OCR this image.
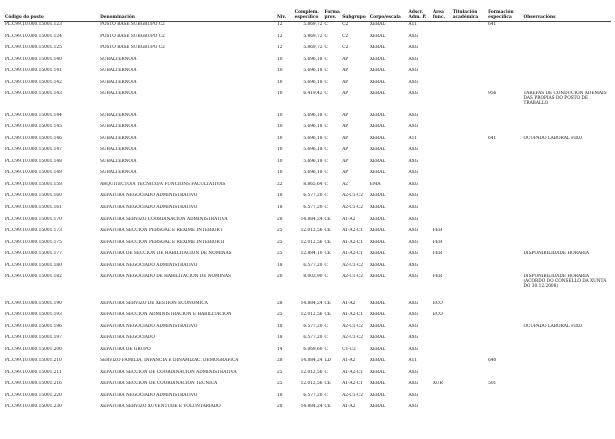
Código do posto	Denominación	Niv.	Complem. específico	Forma prov.	Subgrupo	Corpo/escala	Adscr. Adm. P.	Área func.	Titulación académica	Formación específica	Observacións
PL.C99.10.000.15001.123	POSTO BASE SUBGRUPO C2	12	5.869,72	C	C2	XERAL	A11			641	
PL.C99.10.000.15001.124	POSTO BASE SUBGRUPO C2	12	5.869,72	C	C2	XERAL	AXG				
PL.C99.10.000.15001.125	POSTO BASE SUBGRUPO C2	12	5.869,72	C	C2	XERAL	AXG				
PL.C99.10.000.15001.140	SUBALTERNO/A	10	5.696,18	C	AP	XERAL	AXG				
PL.C99.10.000.15001.141	SUBALTERNO/A	10	5.696,18	C	AP	XERAL	AXG				
PL.C99.10.000.15001.142	SUBALTERNO/A	10	5.696,18	C	AP	XERAL	AXG				
PL.C99.10.000.15001.143	SUBALTERNO/A	10	6.419,42	C	AP	XERAL	AXG			956	TAREFAS DE CONDUCIÓN ADEMAIS DAS PROPIAS DO POSTO DE TRABALLO
PL.C99.10.000.15001.144	SUBALTERNO/A	10	5.696,18	C	AP	XERAL	AXG				
PL.C99.10.000.15001.145	SUBALTERNO/A	10	5.696,18	C	AP	XERAL	AXG				
PL.C99.10.000.15001.146	SUBALTERNO/A	10	5.696,18	C	AP	XERAL	A11			641	OCUPADO LABORAL FIXO
PL.C99.10.000.15001.147	SUBALTERNO/A	10	5.696,18	C	AP	XERAL	AXG				
PL.C99.10.000.15001.148	SUBALTERNO/A	10	5.696,18	C	AP	XERAL	AXG				
PL.C99.10.000.15001.149	SUBALTERNO/A	10	5.696,18	C	AP	XERAL	AXG				
PL.C99.10.000.15001.158	ARQUITECTO/A TÉCNICO/A FUNCIÓNS FACULTATIVAS	22	8.865,64	C	A2	EMA	AXG				
PL.C99.10.000.15001.160	XEFATURA NEGOCIADO ADMINISTRATIVO	18	6.577,20	C	A2-C1-C2	XERAL	AXG				
PL.C99.10.000.15001.161	XEFATURA NEGOCIADO ADMINISTRATIVO	18	6.577,20	C	A2-C1-C2	XERAL	AXG				
PL.C99.10.000.15001.170	XEFATURA SERVIZO COORDINACIÓN ADMINISTRATIVA	28	14.884,24	CE	A1-A2	XERAL	AXG				
PL.C99.10.000.15001.173	XEFATURA SECCIÓN PERSOAL E RÉXIME INTERIOR I	25	12.012,56	CE	A1-A2-C1	XERAL	AXG	FER			
PL.C99.10.000.15001.175	XEFATURA SECCIÓN PERSOAL E RÉXIME INTERIOR II	25	12.012,56	CE	A1-A2-C1	XERAL	AXG	FER			
PL.C99.10.000.15001.177	XEFATURA DE SECCIÓN DE HABILITACIÓN DE NÓMINAS	25	12.884,10	CE	A1-A2-C1	XERAL	AXG	FER			DISPONIBILIDADE HORARIA
PL.C99.10.000.15001.180	XEFATURA NEGOCIADO ADMINISTRATIVO	18	6.577,20	C	A2-C1-C2	XERAL	AXG				
PL.C99.10.000.15001.182	XEFATURA NEGOCIADO DE HABILITACIÓN DE NÓMINAS	20	8.003,90	C	A2-C1-C2	XERAL	AXG	FER			DISPONIBILIDADE HORARIA (ACORDO DO CONSELLO DA XUNTA DO 30.12.2008)
PL.C99.10.000.15001.190	XEFATURA SERVIZO DE XESTIÓN ECONÓMICA	28	14.884,24	CE	A1-A2	XERAL	AXG	ECO			
PL.C99.10.000.15001.193	XEFATURA SECCIÓN ADMINISTRACIÓN E HABILITACIÓN	25	12.012,56	CE	A1-A2-C1	XERAL	AXG	ECO			
PL.C99.10.000.15001.196	XEFATURA NEGOCIADO ADMINISTRATIVO	18	6.577,20	C	A2-C1-C2	XERAL	AXG				OCUPADO LABORAL FIXO
PL.C99.10.000.15001.197	XEFATURA NEGOCIADO	18	6.577,20	C	A2-C1-C2	XERAL	AXG				
PL.C99.10.000.15001.200	XEFATURA DE GRUPO	14	6.069,60	C	C1-C2	XERAL	AXG				
PL.C99.10.000.15001.210	SERVIZO FAMILIA, INFANCIA E DINAMIZAC. DEMOGRÁFICA	28	14.884,24	LD	A1-A2	XERAL	A11			640	
PL.C99.10.000.15001.211	XEFATURA SECCIÓN DE COORDINACIÓN ADMINISTRATIVA	25	12.012,56	C	A1-A2-C1	XERAL	AXG				
PL.C99.10.000.15001.216	XEFATURA SECCIÓN DE COORDINACIÓN TÉCNICA	25	12.012,56	CE	A1-A2-C1	XERAL	AXG	XUR		501	
PL.C99.10.000.15001.220	XEFATURA NEGOCIADO ADMINISTRATIVO	18	6.577,20	C	A2-C1-C2	XERAL	AXG				
PL.C99.10.000.15001.230	XEFATURA SERVIZO XUVENTUDE E VOLUNTARIADO	28	14.884,24	CE	A1-A2	XERAL	AXG				
